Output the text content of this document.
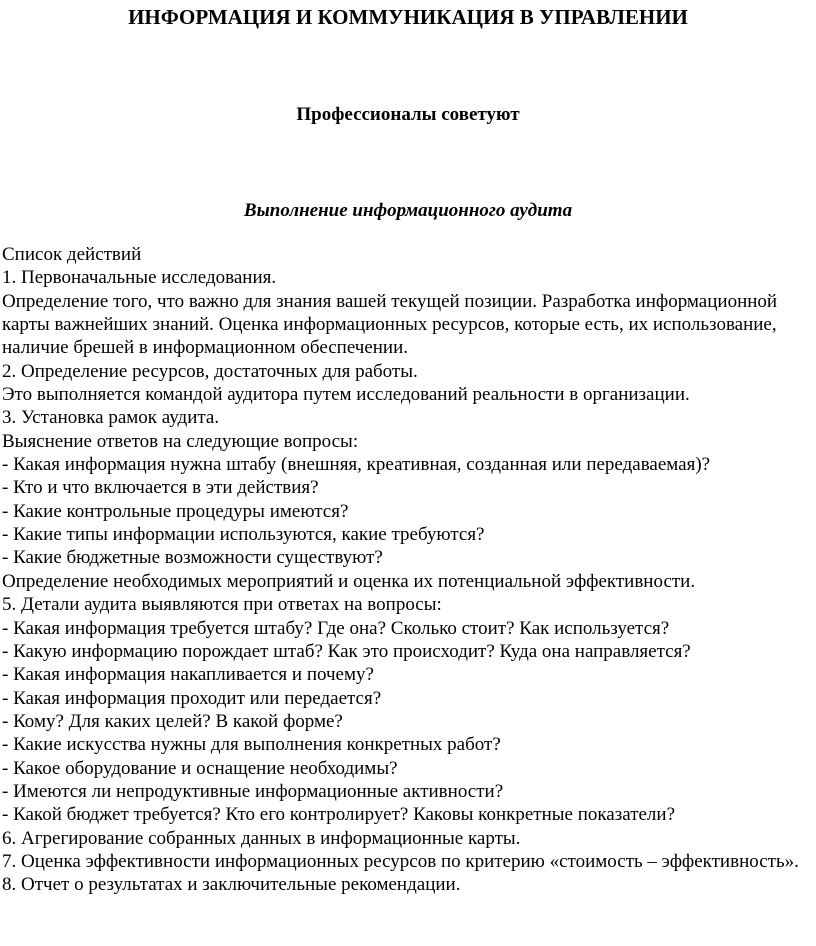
ИНФОРМАЦИЯ И КОММУНИКАЦИЯ В УПРАВЛЕНИИ
Профессионалы советуют
Выполнение информационного аудита
Список действий
1. Первоначальные исследования.
Определение того, что важно для знания вашей текущей позиции. Разработка информационной карты важнейших знаний. Оценка информационных ресурсов, которые есть, их использование, наличие брешей в информационном обеспечении.
2. Определение ресурсов, достаточных для работы.
Это выполняется командой аудитора путем исследований реальности в организации.
3. Установка рамок аудита.
Выяснение ответов на следующие вопросы:
- Какая информация нужна штабу (внешняя, креативная, созданная или передаваемая)?
- Кто и что включается в эти действия?
- Какие контрольные процедуры имеются?
- Какие типы информации используются, какие требуются?
- Какие бюджетные возможности существуют?
Определение необходимых мероприятий и оценка их потенциальной эффективности.
5. Детали аудита выявляются при ответах на вопросы:
- Какая информация требуется штабу? Где она? Сколько стоит? Как используется?
- Какую информацию порождает штаб? Как это происходит? Куда она направляется?
- Какая информация накапливается и почему?
- Какая информация проходит или передается?
- Кому? Для каких целей? В какой форме?
- Какие искусства нужны для выполнения конкретных работ?
- Какое оборудование и оснащение необходимы?
- Имеются ли непродуктивные информационные активности?
- Какой бюджет требуется? Кто его контролирует? Каковы конкретные показатели?
6. Агрегирование собранных данных в информационные карты.
7. Оценка эффективности информационных ресурсов по критерию «стоимость – эффективность».
8. Отчет о результатах и заключительные рекомендации.
